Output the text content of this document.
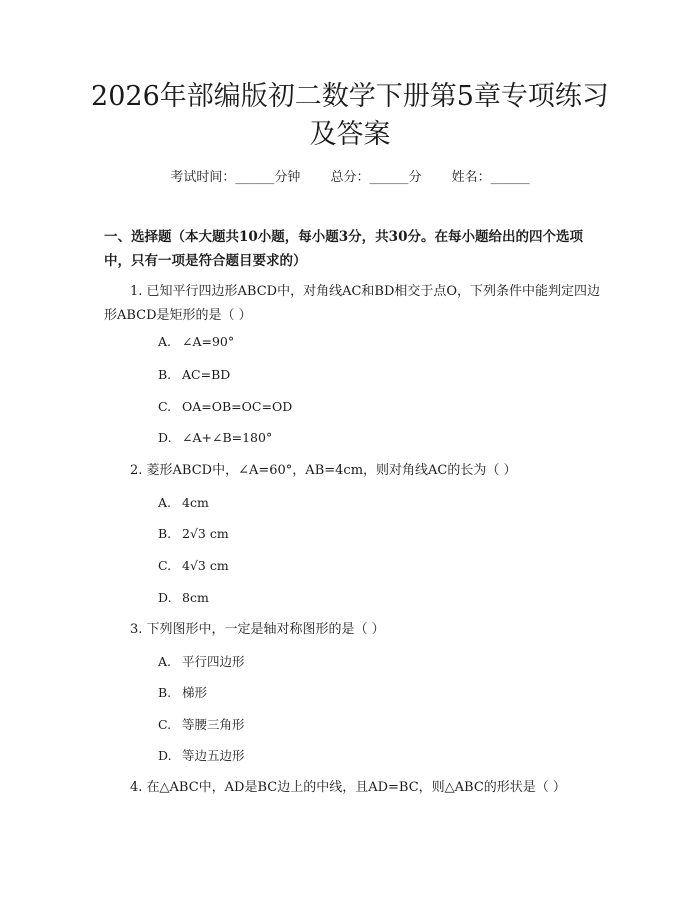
2026年部编版初二数学下册第5章专项练习及答案
考试时间：______分钟 总分：______分 姓名：______
一、选择题（本大题共10小题，每小题3分，共30分。在每小题给出的四个选项中，只有一项是符合题目要求的）
1. 已知平行四边形ABCD中，对角线AC和BD相交于点O，下列条件中能判定四边形ABCD是矩形的是（ ）
A. ∠A=90°
B. AC=BD
C. OA=OB=OC=OD
D. ∠A+∠B=180°
2. 菱形ABCD中，∠A=60°，AB=4cm，则对角线AC的长为（ ）
A. 4cm
B. 2√3 cm
C. 4√3 cm
D. 8cm
3. 下列图形中，一定是轴对称图形的是（ ）
A. 平行四边形
B. 梯形
C. 等腰三角形
D. 等边五边形
4. 在△ABC中，AD是BC边上的中线，且AD=BC，则△ABC的形状是（ ）
